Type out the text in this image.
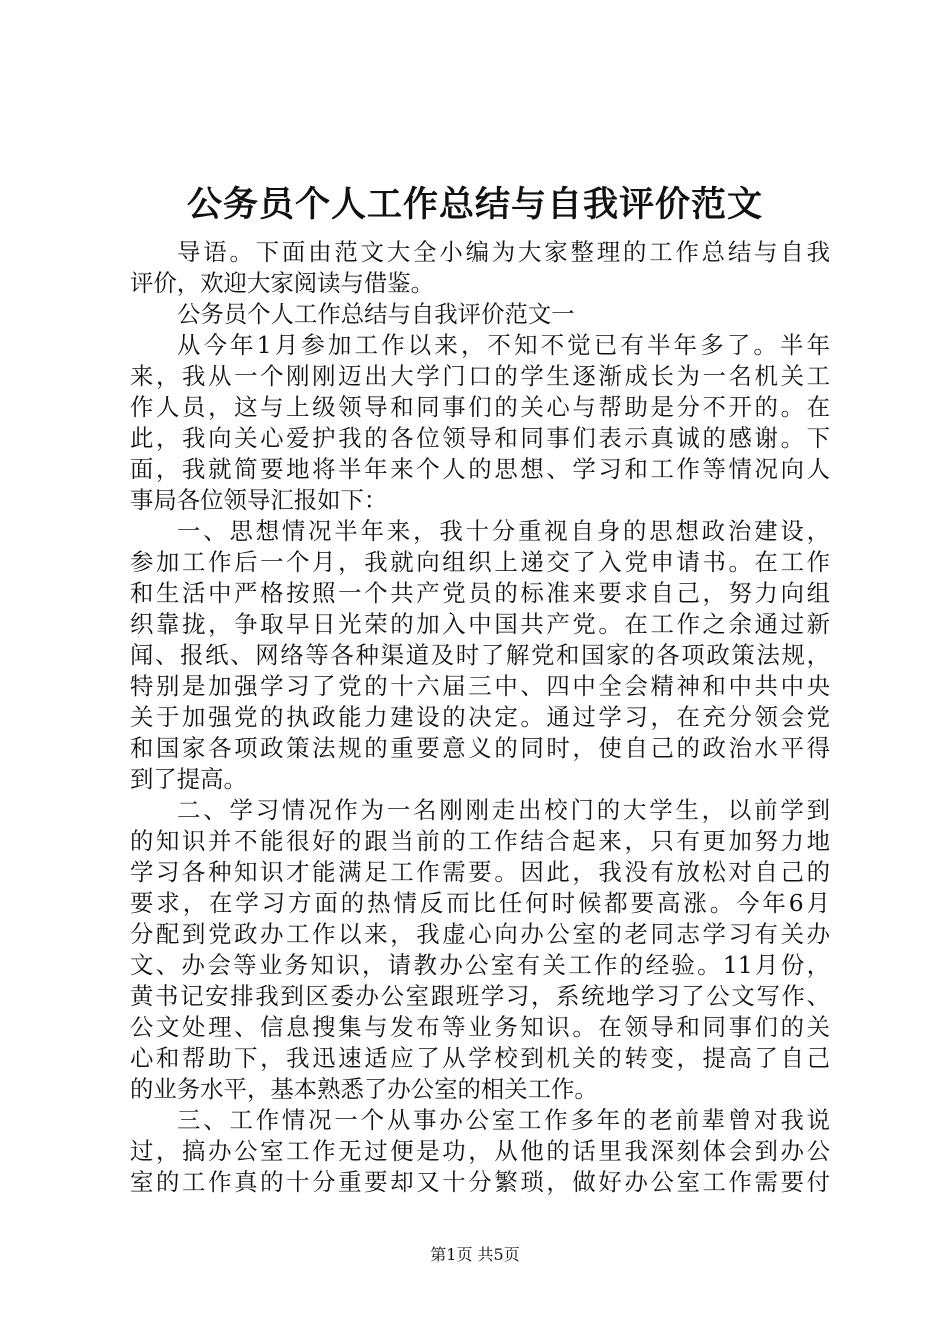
公务员个人工作总结与自我评价范文
导语。下面由范文大全小编为大家整理的工作总结与自我
评价，欢迎大家阅读与借鉴。
公务员个人工作总结与自我评价范文一
从今年1月参加工作以来，不知不觉已有半年多了。半年
来，我从一个刚刚迈出大学门口的学生逐渐成长为一名机关工
作人员，这与上级领导和同事们的关心与帮助是分不开的。在
此，我向关心爱护我的各位领导和同事们表示真诚的感谢。下
面，我就简要地将半年来个人的思想、学习和工作等情况向人
事局各位领导汇报如下：
一、思想情况半年来，我十分重视自身的思想政治建设，
参加工作后一个月，我就向组织上递交了入党申请书。在工作
和生活中严格按照一个共产党员的标准来要求自己，努力向组
织靠拢，争取早日光荣的加入中国共产党。在工作之余通过新
闻、报纸、网络等各种渠道及时了解党和国家的各项政策法规，
特别是加强学习了党的十六届三中、四中全会精神和中共中央
关于加强党的执政能力建设的决定。通过学习，在充分领会党
和国家各项政策法规的重要意义的同时，使自己的政治水平得
到了提高。
二、学习情况作为一名刚刚走出校门的大学生，以前学到
的知识并不能很好的跟当前的工作结合起来，只有更加努力地
学习各种知识才能满足工作需要。因此，我没有放松对自己的
要求，在学习方面的热情反而比任何时候都要高涨。今年6月
分配到党政办工作以来，我虚心向办公室的老同志学习有关办
文、办会等业务知识，请教办公室有关工作的经验。11月份，
黄书记安排我到区委办公室跟班学习，系统地学习了公文写作、
公文处理、信息搜集与发布等业务知识。在领导和同事们的关
心和帮助下，我迅速适应了从学校到机关的转变，提高了自己
的业务水平，基本熟悉了办公室的相关工作。
三、工作情况一个从事办公室工作多年的老前辈曾对我说
过，搞办公室工作无过便是功，从他的话里我深刻体会到办公
室的工作真的十分重要却又十分繁琐，做好办公室工作需要付
第1页 共5页
